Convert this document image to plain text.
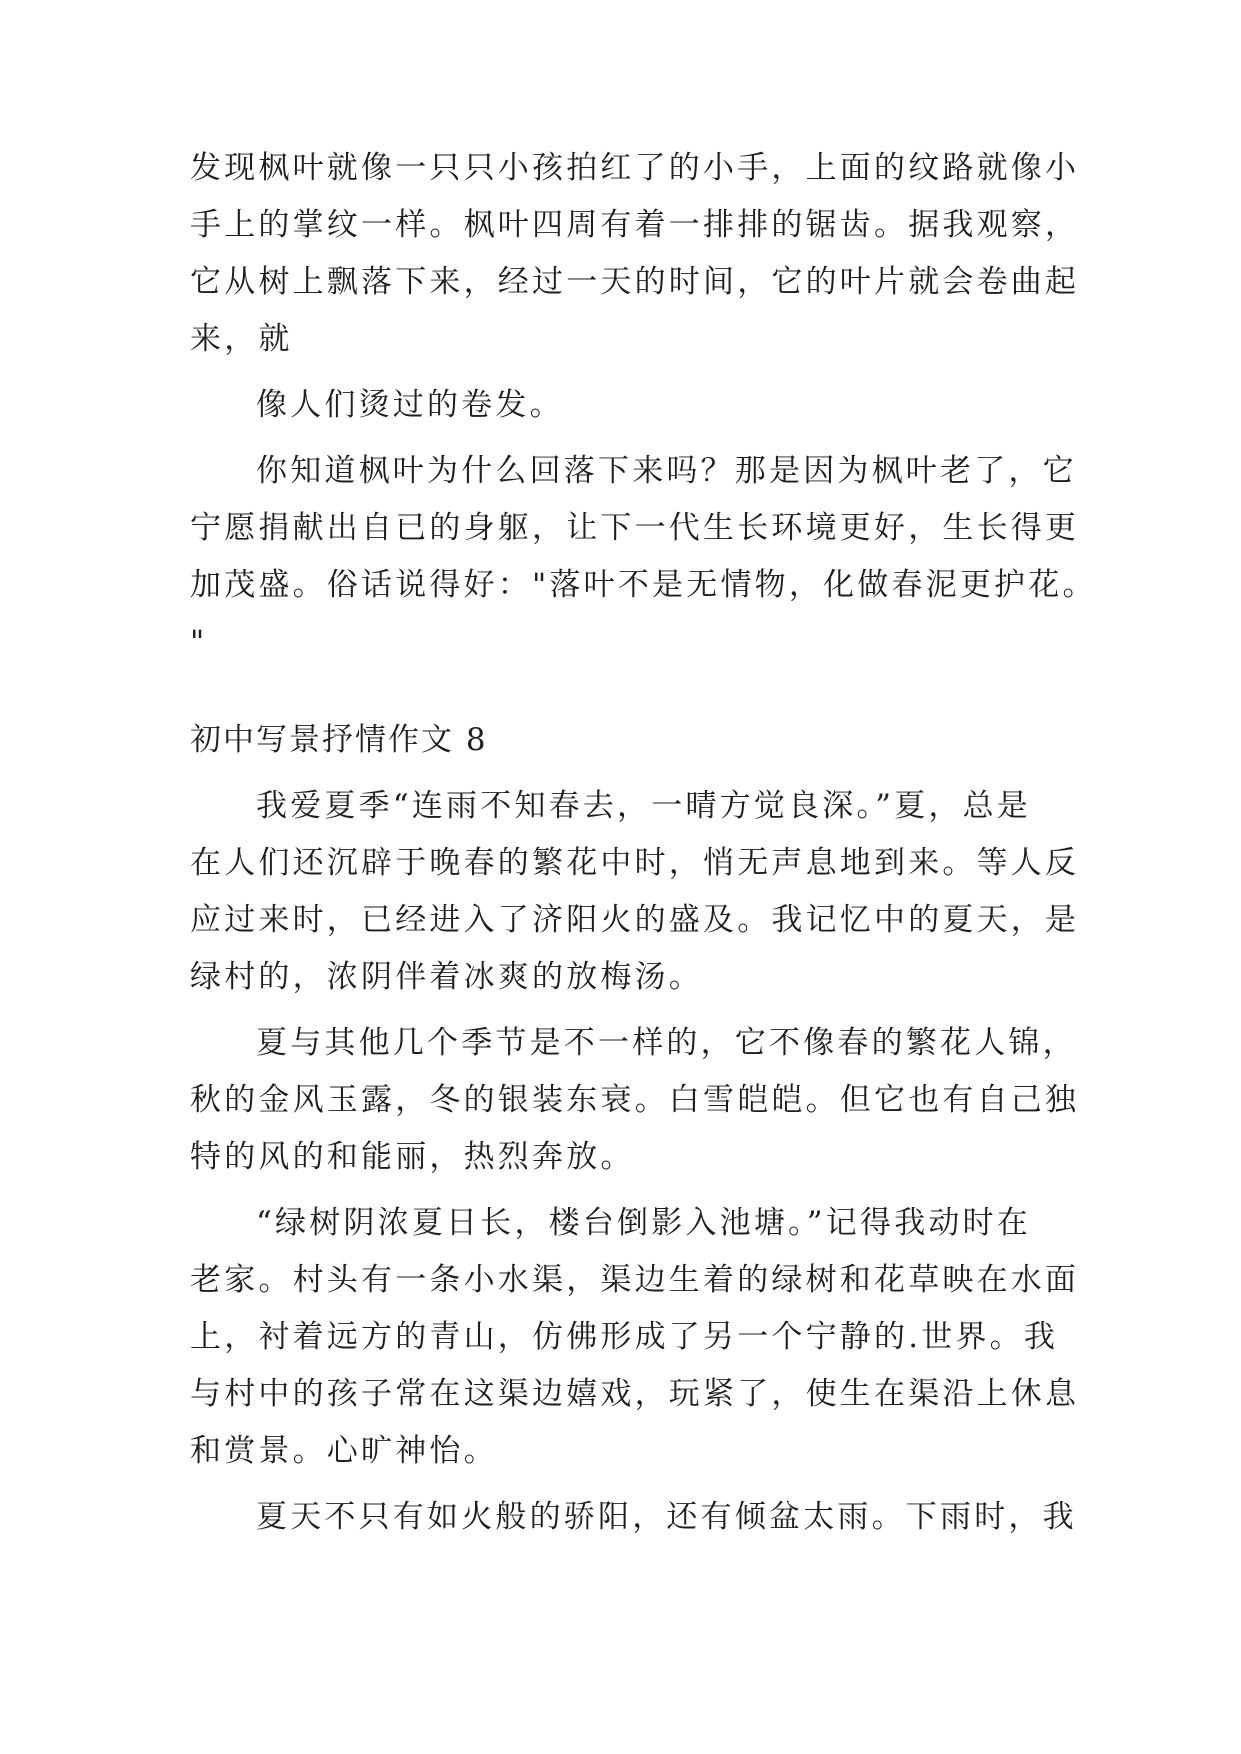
发现枫叶就像一只只小孩拍红了的小手，上面的纹路就像小

手上的掌纹一样。枫叶四周有着一排排的锯齿。据我观察，

它从树上飘落下来，经过一天的时间，它的叶片就会卷曲起

来，就

像人们烫过的卷发。

你知道枫叶为什么回落下来吗？那是因为枫叶老了，它

宁愿捐献出自已的身躯，让下一代生长环境更好，生长得更

加茂盛。俗话说得好："落叶不是无情物，化做春泥更护花。

"

初中写景抒情作文 8

我爱夏季“连雨不知春去，一晴方觉良深。”夏，总是

在人们还沉辟于晚春的繁花中时，悄无声息地到来。等人反

应过来时，已经进入了济阳火的盛及。我记忆中的夏天，是

绿村的，浓阴伴着冰爽的放梅汤。

夏与其他几个季节是不一样的，它不像春的繁花人锦，

秋的金风玉露，冬的银装东衰。白雪皑皑。但它也有自己独

特的风的和能丽，热烈奔放。

“绿树阴浓夏日长，楼台倒影入池塘。”记得我动时在

老家。村头有一条小水渠，渠边生着的绿树和花草映在水面

上，衬着远方的青山，仿佛形成了另一个宁静的.世界。我

与村中的孩子常在这渠边嬉戏，玩紧了，使生在渠沿上休息

和赏景。心旷神怡。

夏天不只有如火般的骄阳，还有倾盆太雨。下雨时，我
